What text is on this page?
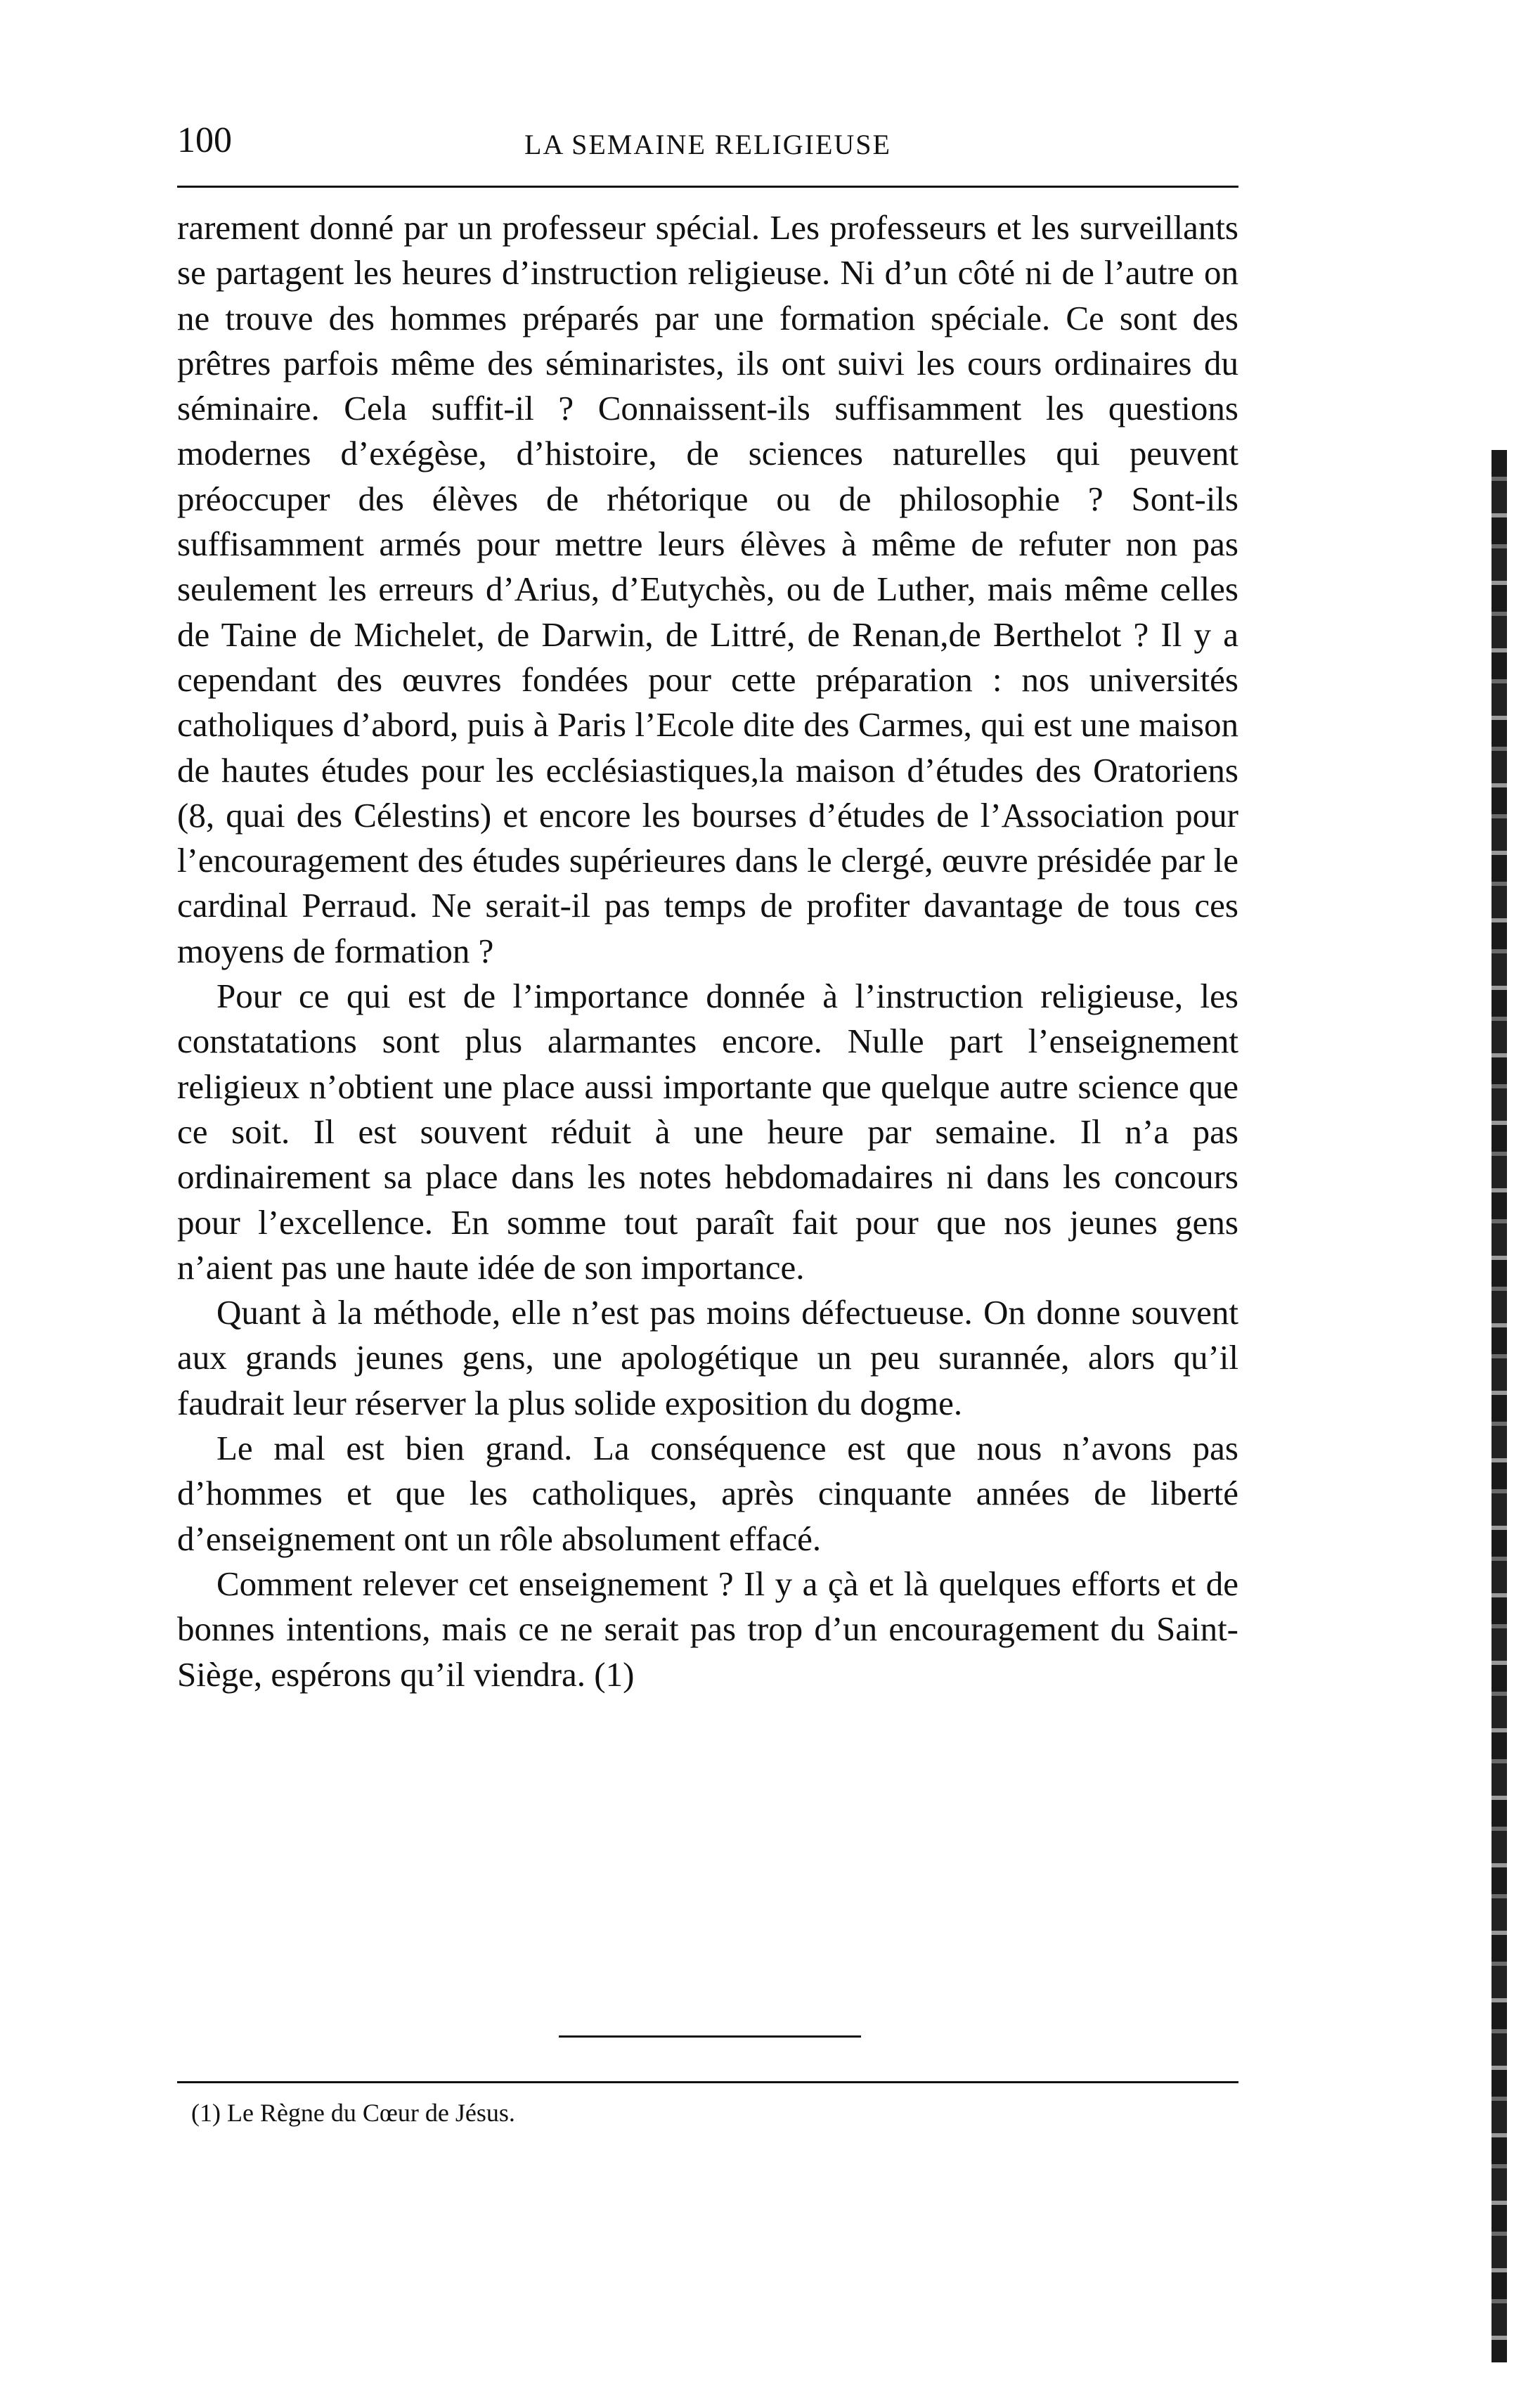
100	LA SEMAINE RELIGIEUSE

rarement donné par un professeur spécial. Les professeurs et les surveillants se partagent les heures d’instruction religieuse. Ni d’un côté ni de l’autre on ne trouve des hommes préparés par une formation spéciale. Ce sont des prêtres parfois même des séminaristes, ils ont suivi les cours ordinaires du séminaire. Cela suffit-il ? Connaissent-ils suffisamment les questions modernes d’exégèse, d’histoire, de sciences naturelles qui peuvent préoccuper des élèves de rhétorique ou de philosophie ? Sont-ils suffisamment armés pour mettre leurs élèves à même de refuter non pas seulement les erreurs d’Arius, d’Eutychès, ou de Luther, mais même celles de Taine de Michelet, de Darwin, de Littré, de Renan,de Berthelot ? Il y a cependant des œuvres fondées pour cette préparation : nos universités catholiques d’abord, puis à Paris l’Ecole dite des Carmes, qui est une maison de hautes études pour les ecclésiastiques,la maison d’études des Oratoriens (8, quai des Célestins) et encore les bourses d’études de l’Association pour l’encouragement des études supérieures dans le clergé, œuvre présidée par le cardinal Perraud. Ne serait-il pas temps de profiter davantage de tous ces moyens de formation ?

Pour ce qui est de l’importance donnée à l’instruction religieuse, les constatations sont plus alarmantes encore. Nulle part l’enseignement religieux n’obtient une place aussi importante que quelque autre science que ce soit. Il est souvent réduit à une heure par semaine. Il n’a pas ordinairement sa place dans les notes hebdomadaires ni dans les concours pour l’excellence. En somme tout paraît fait pour que nos jeunes gens n’aient pas une haute idée de son importance.

Quant à la méthode, elle n’est pas moins défectueuse. On donne souvent aux grands jeunes gens, une apologétique un peu surannée, alors qu’il faudrait leur réserver la plus solide exposition du dogme.

Le mal est bien grand. La conséquence est que nous n’avons pas d’hommes et que les catholiques, après cinquante années de liberté d’enseignement ont un rôle absolument effacé.

Comment relever cet enseignement ? Il y a çà et là quelques efforts et de bonnes intentions, mais ce ne serait pas trop d’un encouragement du Saint-Siège, espérons qu’il viendra. (1)

(1) Le Règne du Cœur de Jésus.
